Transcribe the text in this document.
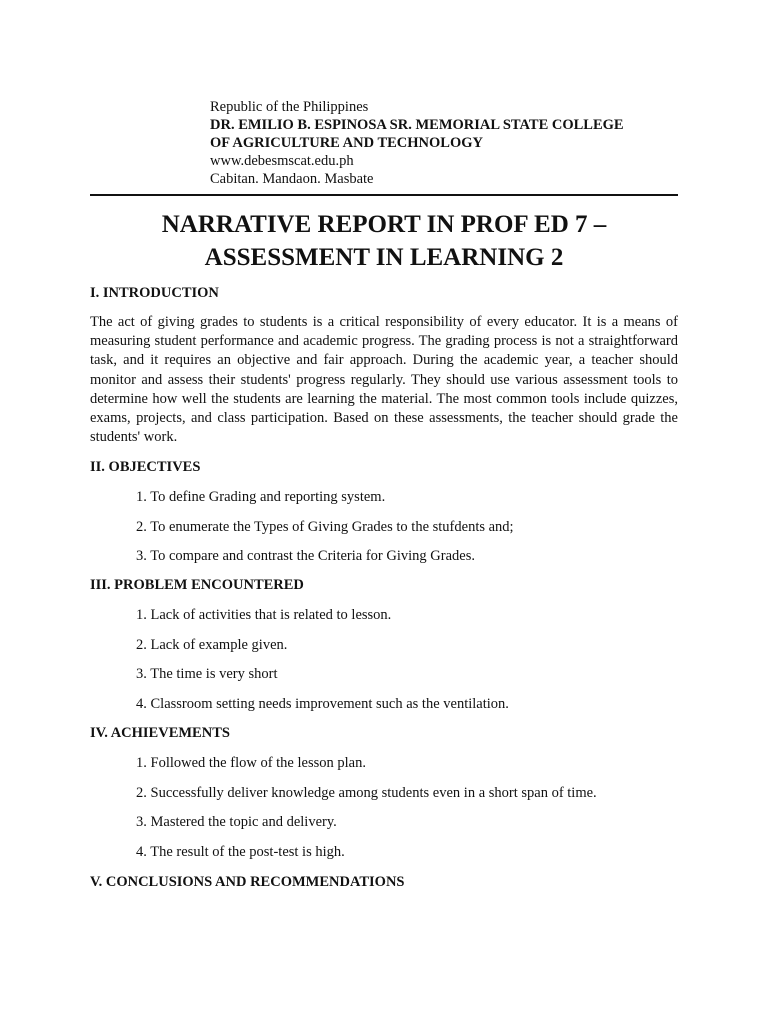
Republic of the Philippines
DR. EMILIO B. ESPINOSA SR. MEMORIAL STATE COLLEGE
OF AGRICULTURE AND TECHNOLOGY
www.debesmscat.edu.ph
Cabitan. Mandaon. Masbate
NARRATIVE REPORT IN PROF ED 7 –
ASSESSMENT IN LEARNING 2
I. INTRODUCTION
The act of giving grades to students is a critical responsibility of every educator. It is a means of measuring student performance and academic progress. The grading process is not a straightforward task, and it requires an objective and fair approach. During the academic year, a teacher should monitor and assess their students' progress regularly. They should use various assessment tools to determine how well the students are learning the material. The most common tools include quizzes, exams, projects, and class participation. Based on these assessments, the teacher should grade the students' work.
II. OBJECTIVES
1. To define Grading and reporting system.
2. To enumerate the Types of Giving Grades to the stufdents and;
3. To compare and contrast the Criteria for Giving Grades.
III. PROBLEM ENCOUNTERED
1. Lack of activities that is related to lesson.
2. Lack of example given.
3. The time is very short
4. Classroom setting needs improvement such as the ventilation.
IV. ACHIEVEMENTS
1. Followed the flow of the lesson plan.
2. Successfully deliver knowledge among students even in a short span of time.
3. Mastered the topic and delivery.
4. The result of the post-test is high.
V. CONCLUSIONS AND RECOMMENDATIONS
